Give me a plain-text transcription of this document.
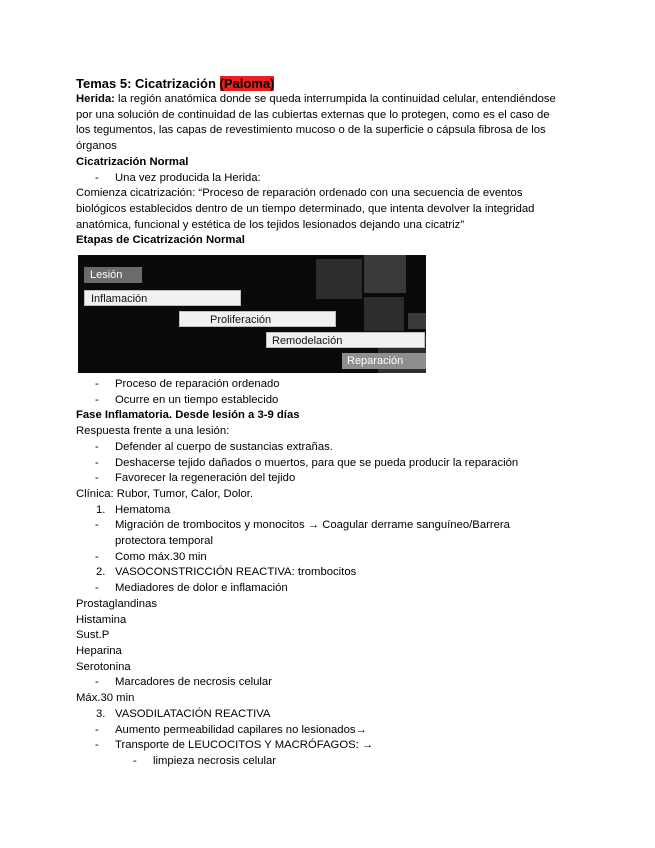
Temas 5: Cicatrización (Paloma)
Herida: la región anatómica donde se queda interrumpida la continuidad celular, entendiéndose
por una solución de continuidad de las cubiertas externas que lo protegen, como es el caso de
los tegumentos, las capas de revestimiento mucoso o de la superficie o cápsula fibrosa de los
órganos
Cicatrización Normal
- Una vez producida la Herida:
Comienza cicatrización: “Proceso de reparación ordenado con una secuencia de eventos
biológicos establecidos dentro de un tiempo determinado, que intenta devolver la integridad
anatómica, funcional y estética de los tejidos lesionados dejando una cicatriz”
Etapas de Cicatrización Normal
Lesión
Inflamación
Proliferación
Remodelación
Reparación
- Proceso de reparación ordenado
- Ocurre en un tiempo establecido
Fase Inflamatoria. Desde lesión a 3-9 días
Respuesta frente a una lesión:
- Defender al cuerpo de sustancias extrañas.
- Deshacerse tejido dañados o muertos, para que se pueda producir la reparación
- Favorecer la regeneración del tejido
Clínica: Rubor, Tumor, Calor, Dolor.
1. Hematoma
- Migración de trombocitos y monocitos → Coagular derrame sanguíneo/Barrera
protectora temporal
- Como máx.30 min
2. VASOCONSTRICCIÓN REACTIVA: trombocitos
- Mediadores de dolor e inflamación
Prostaglandinas
Histamina
Sust.P
Heparina
Serotonina
- Marcadores de necrosis celular
Máx.30 min
3. VASODILATACIÓN REACTIVA
- Aumento permeabilidad capilares no lesionados→
- Transporte de LEUCOCITOS Y MACRÓFAGOS: →
- limpieza necrosis celular
